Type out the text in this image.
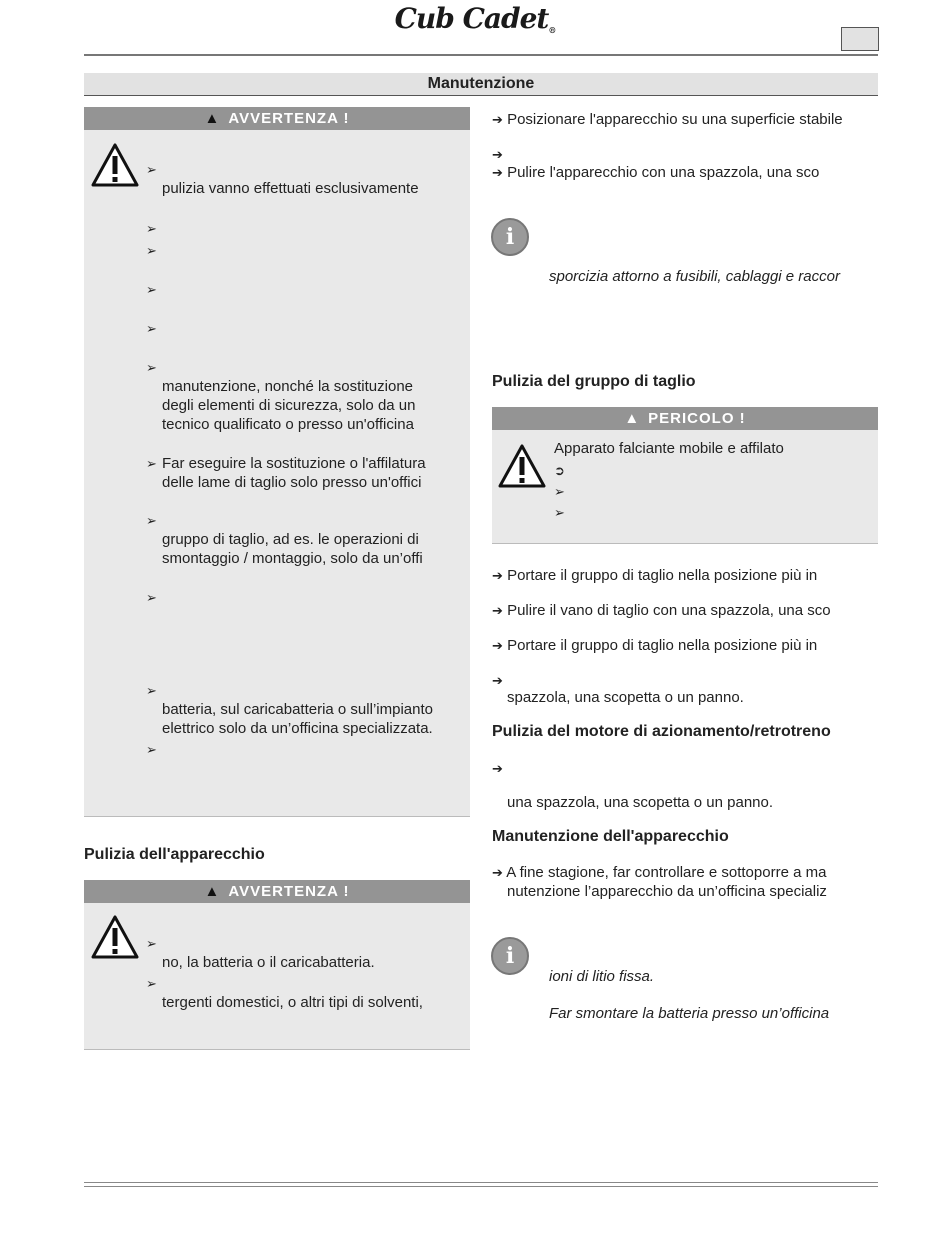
Cub Cadet®
Manutenzione
▲ AVVERTENZA !
➢
pulizia vanno effettuati esclusivamente
➢
➢
➢
➢
➢
manutenzione, nonché la sostituzione
degli elementi di sicurezza, solo da un
tecnico qualificato o presso un'officina
➢ Far eseguire la sostituzione o l'affilatura
delle lame di taglio solo presso un'offici
➢
gruppo di taglio, ad es. le operazioni di
smontaggio / montaggio, solo da un’offi
➢
➢
batteria, sul caricabatteria o sull’impianto
elettrico solo da un’officina specializzata.
➢
Pulizia dell'apparecchio
▲ AVVERTENZA !
➢
no, la batteria o il caricabatteria.
➢
tergenti domestici, o altri tipi di solventi,
➔ Posizionare l'apparecchio su una superficie stabile
➔
➔ Pulire l'apparecchio con una spazzola, una sco
i
sporcizia attorno a fusibili, cablaggi e raccor
Pulizia del gruppo di taglio
▲ PERICOLO !
Apparato falciante mobile e affilato
➲
➢
➢
➔ Portare il gruppo di taglio nella posizione più in
➔ Pulire il vano di taglio con una spazzola, una sco
➔ Portare il gruppo di taglio nella posizione più in
➔
spazzola, una scopetta o un panno.
Pulizia del motore di azionamento/retrotreno
➔
una spazzola, una scopetta o un panno.
Manutenzione dell'apparecchio
➔ A fine stagione, far controllare e sottoporre a ma
nutenzione l’apparecchio da un’officina specializ
i
ioni di litio fissa.
Far smontare la batteria presso un’officina
